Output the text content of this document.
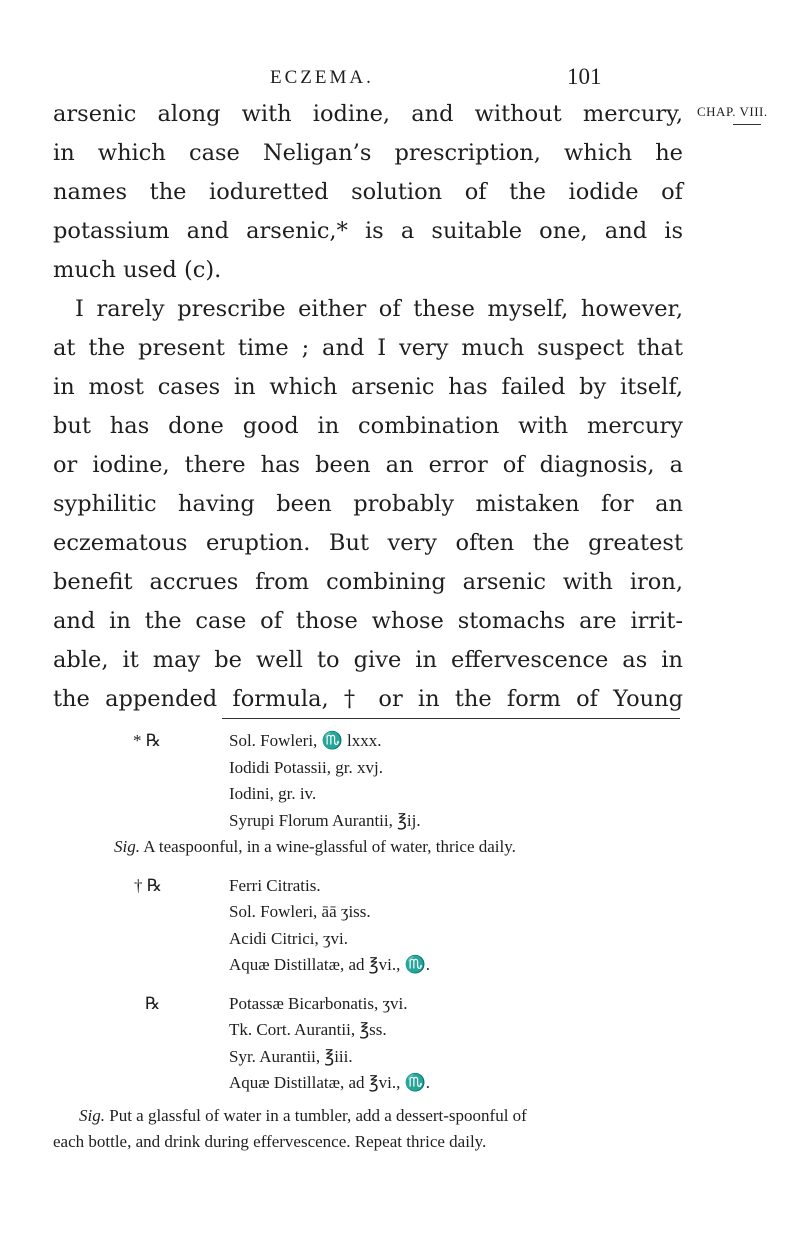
ECZEMA.	101
CHAP. VIII.
arsenic along with iodine, and without mercury,
in which case Neligan’s prescription, which he
names the ioduretted solution of the iodide of
potassium and arsenic,* is a suitable one, and is
much used (c).
I rarely prescribe either of these myself, however,
at the present time ; and I very much suspect that
in most cases in which arsenic has failed by itself,
but has done good in combination with mercury
or iodine, there has been an error of diagnosis, a
syphilitic having been probably mistaken for an
eczematous eruption. But very often the greatest
benefit accrues from combining arsenic with iron,
and in the case of those whose stomachs are irrit-
able, it may be well to give in effervescence as in
the appended formula, † or in the form of Young
* ℞	Sol. Fowleri, ♏ lxxx.
Iodidi Potassii, gr. xvj.
Iodini, gr. iv.
Syrupi Florum Aurantii, ℥ij.
Sig. A teaspoonful, in a wine-glassful of water, thrice daily.
† ℞	Ferri Citratis.
Sol. Fowleri, āā ʒiss.
Acidi Citrici, ʒvi.
Aquæ Distillatæ, ad ℥vi., ♏.
℞	Potassæ Bicarbonatis, ʒvi.
Tk. Cort. Aurantii, ℥ss.
Syr. Aurantii, ℥iii.
Aquæ Distillatæ, ad ℥vi., ♏.
Sig. Put a glassful of water in a tumbler, add a dessert-spoonful of
each bottle, and drink during effervescence. Repeat thrice daily.
